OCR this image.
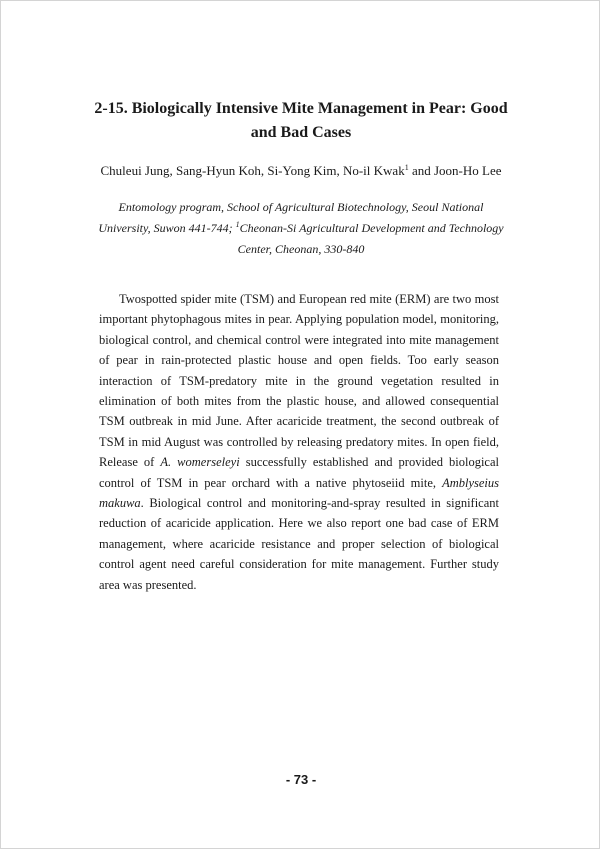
2-15. Biologically Intensive Mite Management in Pear: Good
and Bad Cases
Chuleui Jung, Sang-Hyun Koh, Si-Yong Kim, No-il Kwak$^1$ and Joon-Ho Lee
Entomology program, School of Agricultural Biotechnology, Seoul National
University, Suwon 441-744; $^1$Cheonan-Si Agricultural Development and Technology
Center, Cheonan, 330-840
Twospotted spider mite (TSM) and European red mite (ERM) are two most important phytophagous mites in pear. Applying population model, monitoring, biological control, and chemical control were integrated into mite management of pear in rain-protected plastic house and open fields. Too early season interaction of TSM-predatory mite in the ground vegetation resulted in elimination of both mites from the plastic house, and allowed consequential TSM outbreak in mid June. After acaricide treatment, the second outbreak of TSM in mid August was controlled by releasing predatory mites. In open field, Release of A. womerseleyi successfully established and provided biological control of TSM in pear orchard with a native phytoseiid mite, Amblyseius makuwa. Biological control and monitoring-and-spray resulted in significant reduction of acaricide application. Here we also report one bad case of ERM management, where acaricide resistance and proper selection of biological control agent need careful consideration for mite management. Further study area was presented.
- 73 -
